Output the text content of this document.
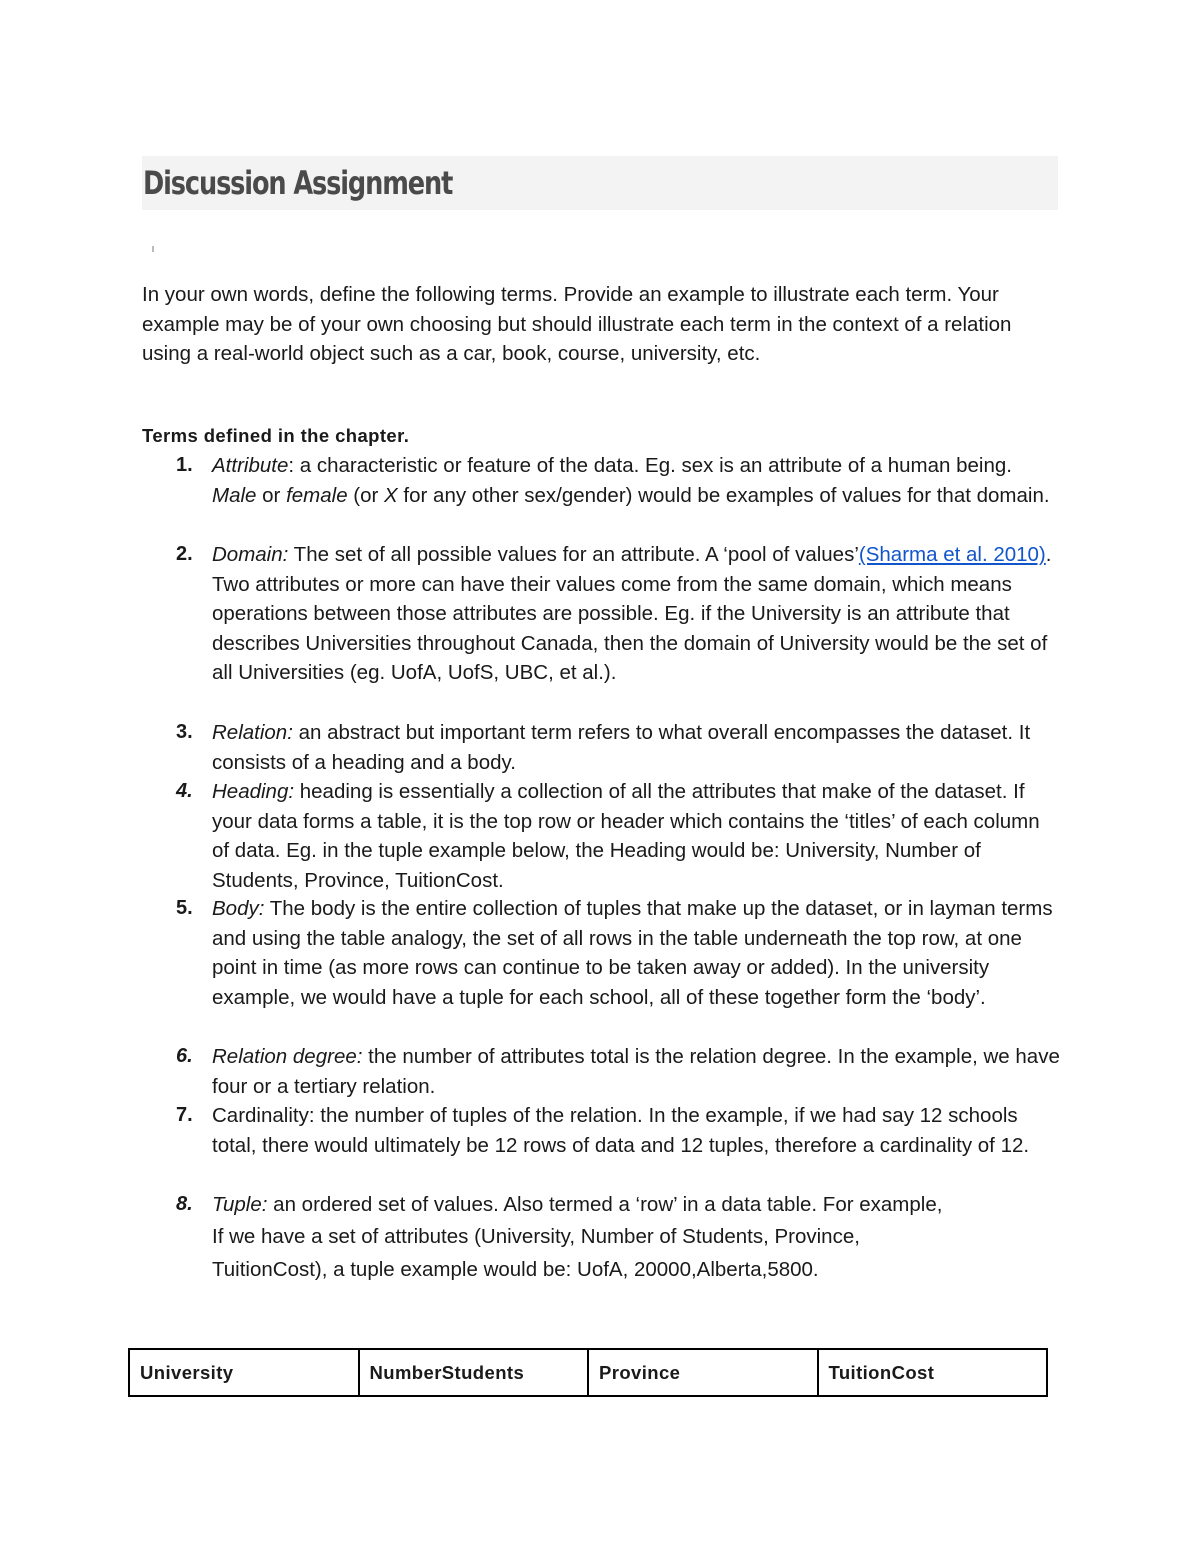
Discussion Assignment

In your own words, define the following terms. Provide an example to illustrate each term. Your example may be of your own choosing but should illustrate each term in the context of a relation using a real-world object such as a car, book, course, university, etc.

Terms defined in the chapter.

1. Attribute: a characteristic or feature of the data. Eg. sex is an attribute of a human being. Male or female (or X for any other sex/gender) would be examples of values for that domain.
2. Domain: The set of all possible values for an attribute. A ‘pool of values’(Sharma et al. 2010). Two attributes or more can have their values come from the same domain, which means operations between those attributes are possible. Eg. if the University is an attribute that describes Universities throughout Canada, then the domain of University would be the set of all Universities (eg. UofA, UofS, UBC, et al.).
3. Relation: an abstract but important term refers to what overall encompasses the dataset. It consists of a heading and a body.
4. Heading: heading is essentially a collection of all the attributes that make of the dataset. If your data forms a table, it is the top row or header which contains the ‘titles’ of each column of data. Eg. in the tuple example below, the Heading would be: University, Number of Students, Province, TuitionCost.
5. Body: The body is the entire collection of tuples that make up the dataset, or in layman terms and using the table analogy, the set of all rows in the table underneath the top row, at one point in time (as more rows can continue to be taken away or added). In the university example, we would have a tuple for each school, all of these together form the ‘body’.
6. Relation degree: the number of attributes total is the relation degree. In the example, we have four or a tertiary relation.
7. Cardinality: the number of tuples of the relation. In the example, if we had say 12 schools total, there would ultimately be 12 rows of data and 12 tuples, therefore a cardinality of 12.
8. Tuple: an ordered set of values. Also termed a ‘row’ in a data table. For example,
If we have a set of attributes (University, Number of Students, Province,
TuitionCost), a tuple example would be: UofA, 20000,Alberta,5800.
University	NumberStudents	Province	TuitionCost
